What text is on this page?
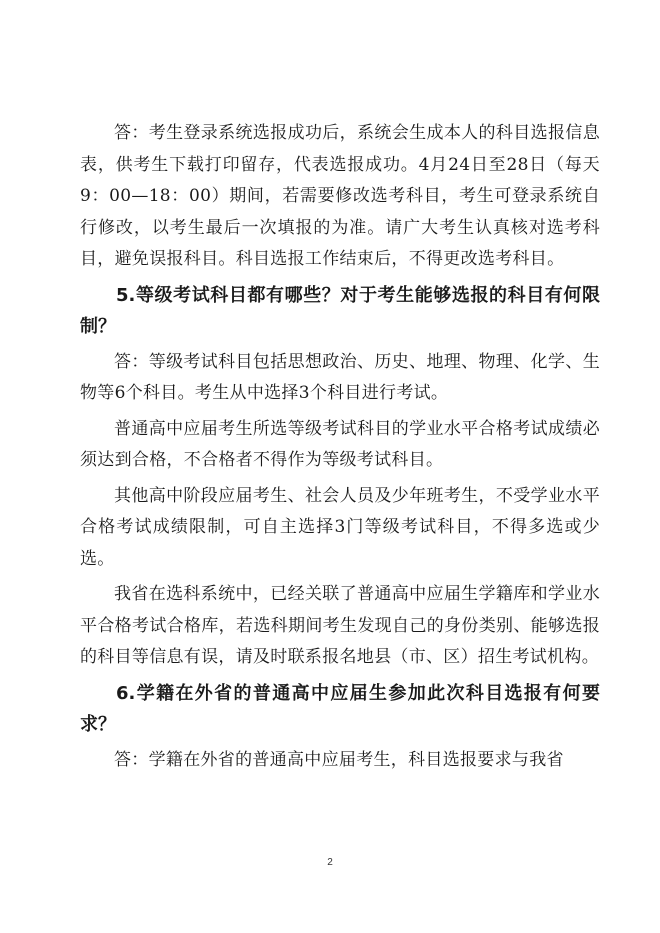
答：考生登录系统选报成功后，系统会生成本人的科目选报信息表，供考生下载打印留存，代表选报成功。4月24日至28日（每天9：00—18：00）期间，若需要修改选考科目，考生可登录系统自行修改，以考生最后一次填报的为准。请广大考生认真核对选考科目，避免误报科目。科目选报工作结束后，不得更改选考科目。

5.等级考试科目都有哪些？对于考生能够选报的科目有何限制？

答：等级考试科目包括思想政治、历史、地理、物理、化学、生物等6个科目。考生从中选择3个科目进行考试。

普通高中应届考生所选等级考试科目的学业水平合格考试成绩必须达到合格，不合格者不得作为等级考试科目。

其他高中阶段应届考生、社会人员及少年班考生，不受学业水平合格考试成绩限制，可自主选择3门等级考试科目，不得多选或少选。

我省在选科系统中，已经关联了普通高中应届生学籍库和学业水平合格考试合格库，若选科期间考生发现自己的身份类别、能够选报的科目等信息有误，请及时联系报名地县（市、区）招生考试机构。

6.学籍在外省的普通高中应届生参加此次科目选报有何要求？

答：学籍在外省的普通高中应届考生，科目选报要求与我省

2
